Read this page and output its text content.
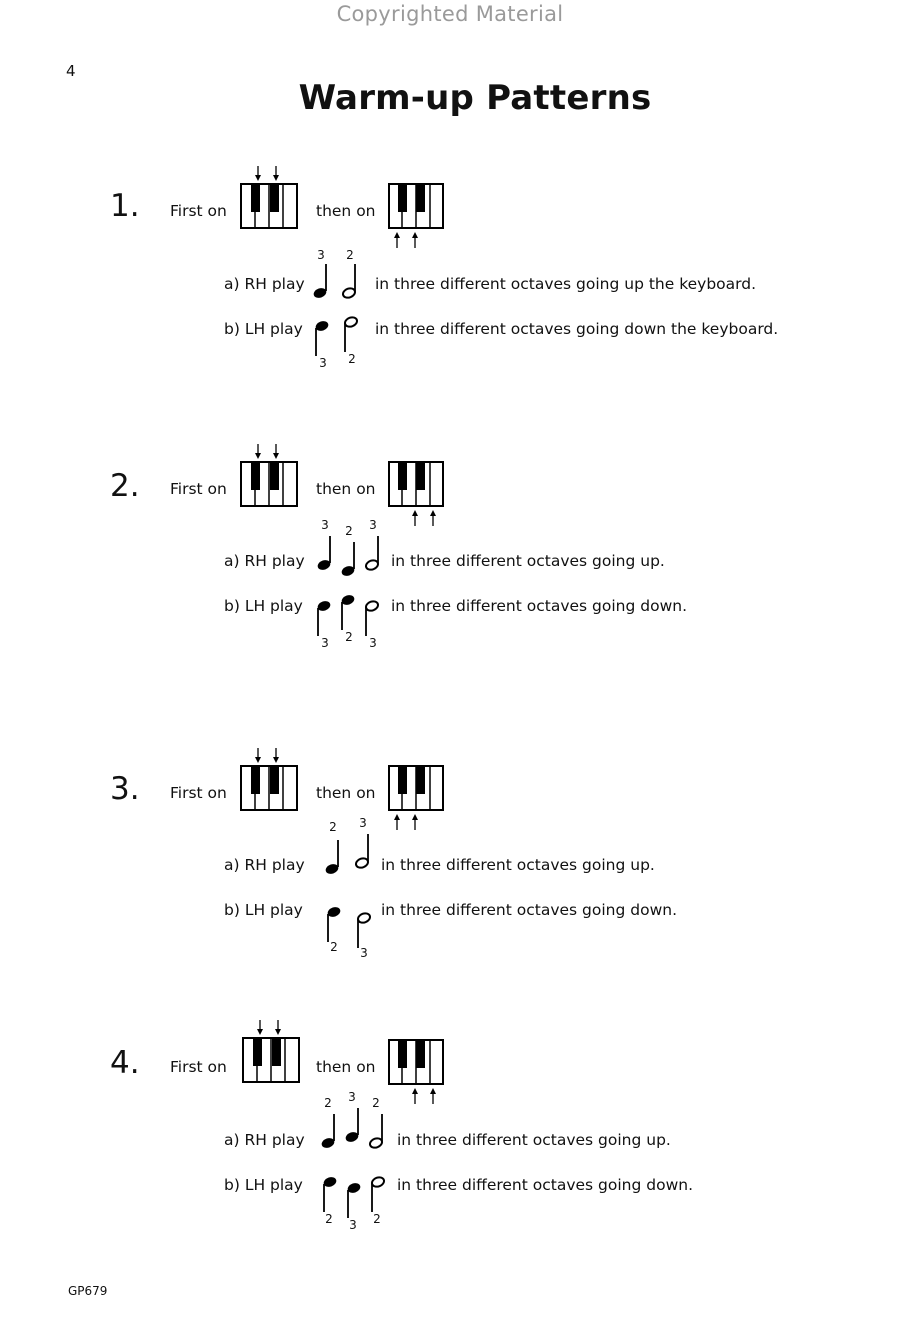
Copyrighted Material
4
Warm-up Patterns
1. First on	then on
a) RH play
3 2
in three different octaves going up the keyboard.
b) LH play
3 2
in three different octaves going down the keyboard.
2. First on	then on
a) RH play
3 2 3
in three different octaves going up.
b) LH play
3 2 3
in three different octaves going down.
3. First on	then on
a) RH play
2 3
in three different octaves going up.
b) LH play
2 3
in three different octaves going down.
4. First on	then on
a) RH play
2 3 2
in three different octaves going up.
b) LH play
2 3 2
in three different octaves going down.
GP679
